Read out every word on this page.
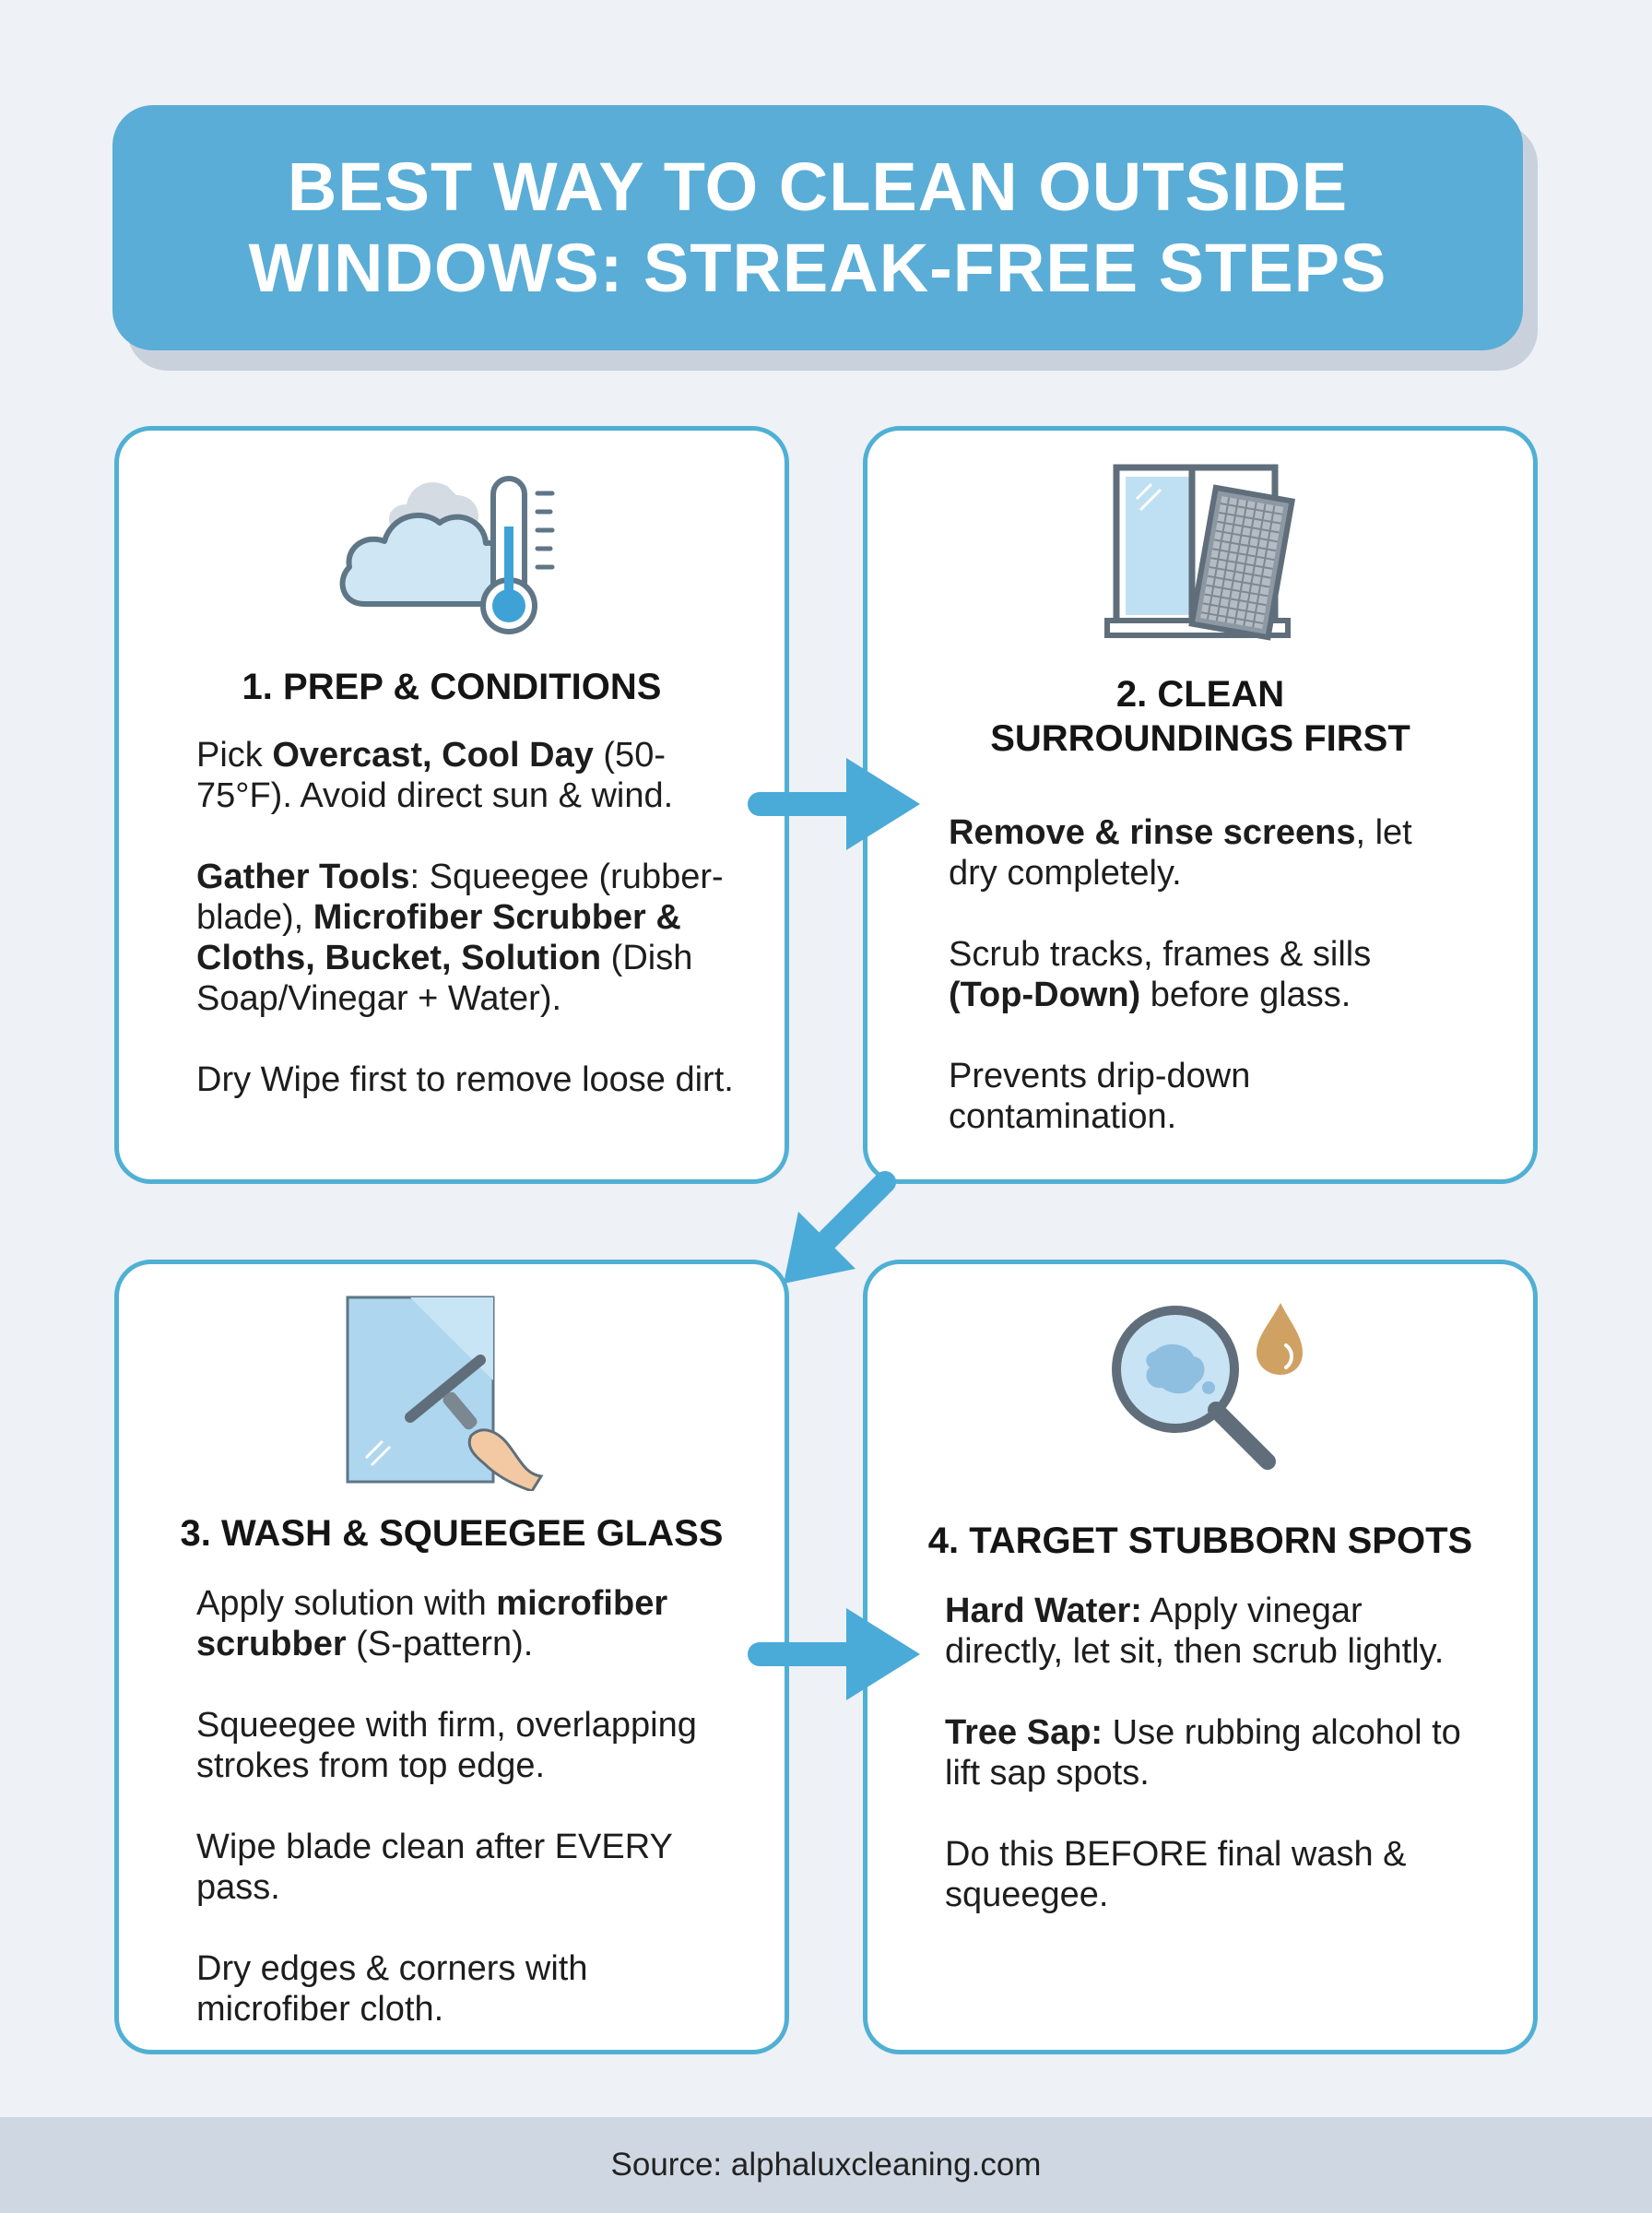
BEST WAY TO CLEAN OUTSIDE
WINDOWS: STREAK-FREE STEPS
1. PREP & CONDITIONS

Pick Overcast, Cool Day (50-75°F). Avoid direct sun & wind.

Gather Tools: Squeegee (rubber-blade), Microfiber Scrubber & Cloths, Bucket, Solution (Dish Soap/Vinegar + Water).

Dry Wipe first to remove loose dirt.

2. CLEAN
SURROUNDINGS FIRST

Remove & rinse screens, let dry completely.

Scrub tracks, frames & sills (Top-Down) before glass.

Prevents drip-down contamination.

3. WASH & SQUEEGEE GLASS

Apply solution with microfiber scrubber (S-pattern).

Squeegee with firm, overlapping strokes from top edge.

Wipe blade clean after EVERY pass.

Dry edges & corners with microfiber cloth.

4. TARGET STUBBORN SPOTS

Hard Water: Apply vinegar directly, let sit, then scrub lightly.

Tree Sap: Use rubbing alcohol to lift sap spots.

Do this BEFORE final wash & squeegee.

Source: alphaluxcleaning.com
